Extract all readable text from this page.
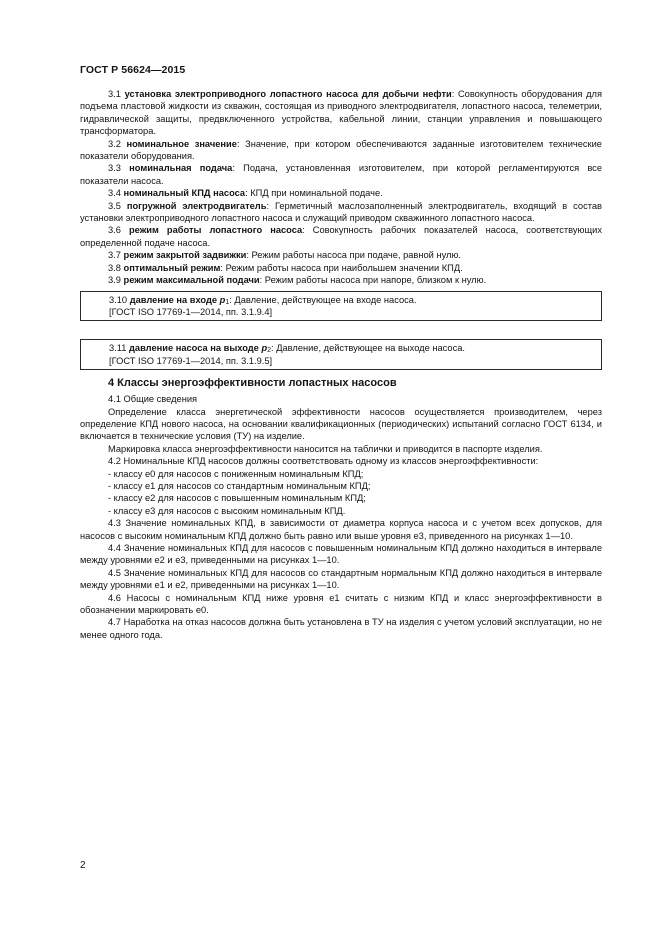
ГОСТ Р 56624—2015

3.1 установка электроприводного лопастного насоса для добычи нефти: Совокупность оборудования для подъема пластовой жидкости из скважин, состоящая из приводного электродвигателя, лопастного насоса, телеметрии, гидравлической защиты, предвключенного устройства, кабельной линии, станции управления и повышающего трансформатора.

3.2 номинальное значение: Значение, при котором обеспечиваются заданные изготовителем технические показатели оборудования.

3.3 номинальная подача: Подача, установленная изготовителем, при которой регламентируются все показатели насоса.

3.4 номинальный КПД насоса: КПД при номинальной подаче.

3.5 погружной электродвигатель: Герметичный маслозаполненный электродвигатель, входящий в состав установки электроприводного лопастного насоса и служащий приводом скважинного лопастного насоса.

3.6 режим работы лопастного насоса: Совокупность рабочих показателей насоса, соответствующих определенной подаче насоса.

3.7 режим закрытой задвижки: Режим работы насоса при подаче, равной нулю.

3.8 оптимальный режим: Режим работы насоса при наибольшем значении КПД.

3.9 режим максимальной подачи: Режим работы насоса при напоре, близком к нулю.

3.10 давление на входе $p_1$: Давление, действующее на входе насоса.

[ГОСТ ISO 17769-1—2014, пп. 3.1.9.4]

3.11 давление насоса на выходе $p_2$: Давление, действующее на выходе насоса.

[ГОСТ ISO 17769-1—2014, пп. 3.1.9.5]

4 Классы энергоэффективности лопастных насосов

4.1 Общие сведения

Определение класса энергетической эффективности насосов осуществляется производителем, через определение КПД нового насоса, на основании квалификационных (периодических) испытаний согласно ГОСТ 6134, и включается в технические условия (ТУ) на изделие.

Маркировка класса энергоэффективности наносится на таблички и приводится в паспорте изделия.

4.2 Номинальные КПД насосов должны соответствовать одному из классов энергоэффективности:

- классу e0 для насосов с пониженным номинальным КПД;

- классу e1 для насосов со стандартным номинальным КПД;

- классу e2 для насосов с повышенным номинальным КПД;

- классу e3 для насосов с высоким номинальным КПД.

4.3 Значение номинальных КПД, в зависимости от диаметра корпуса насоса и с учетом всех допусков, для насосов с высоким номинальным КПД должно быть равно или выше уровня e3, приведенного на рисунках 1—10.

4.4 Значение номинальных КПД для насосов с повышенным номинальным КПД должно находиться в интервале между уровнями e2 и e3, приведенными на рисунках 1—10.

4.5 Значение номинальных КПД для насосов со стандартным нормальным КПД должно находиться в интервале между уровнями e1 и e2, приведенными на рисунках 1—10.

4.6 Насосы с номинальным КПД ниже уровня e1 считать с низким КПД и класс энергоэффективности в обозначении маркировать e0.

4.7 Наработка на отказ насосов должна быть установлена в ТУ на изделия с учетом условий эксплуатации, но не менее одного года.

2
